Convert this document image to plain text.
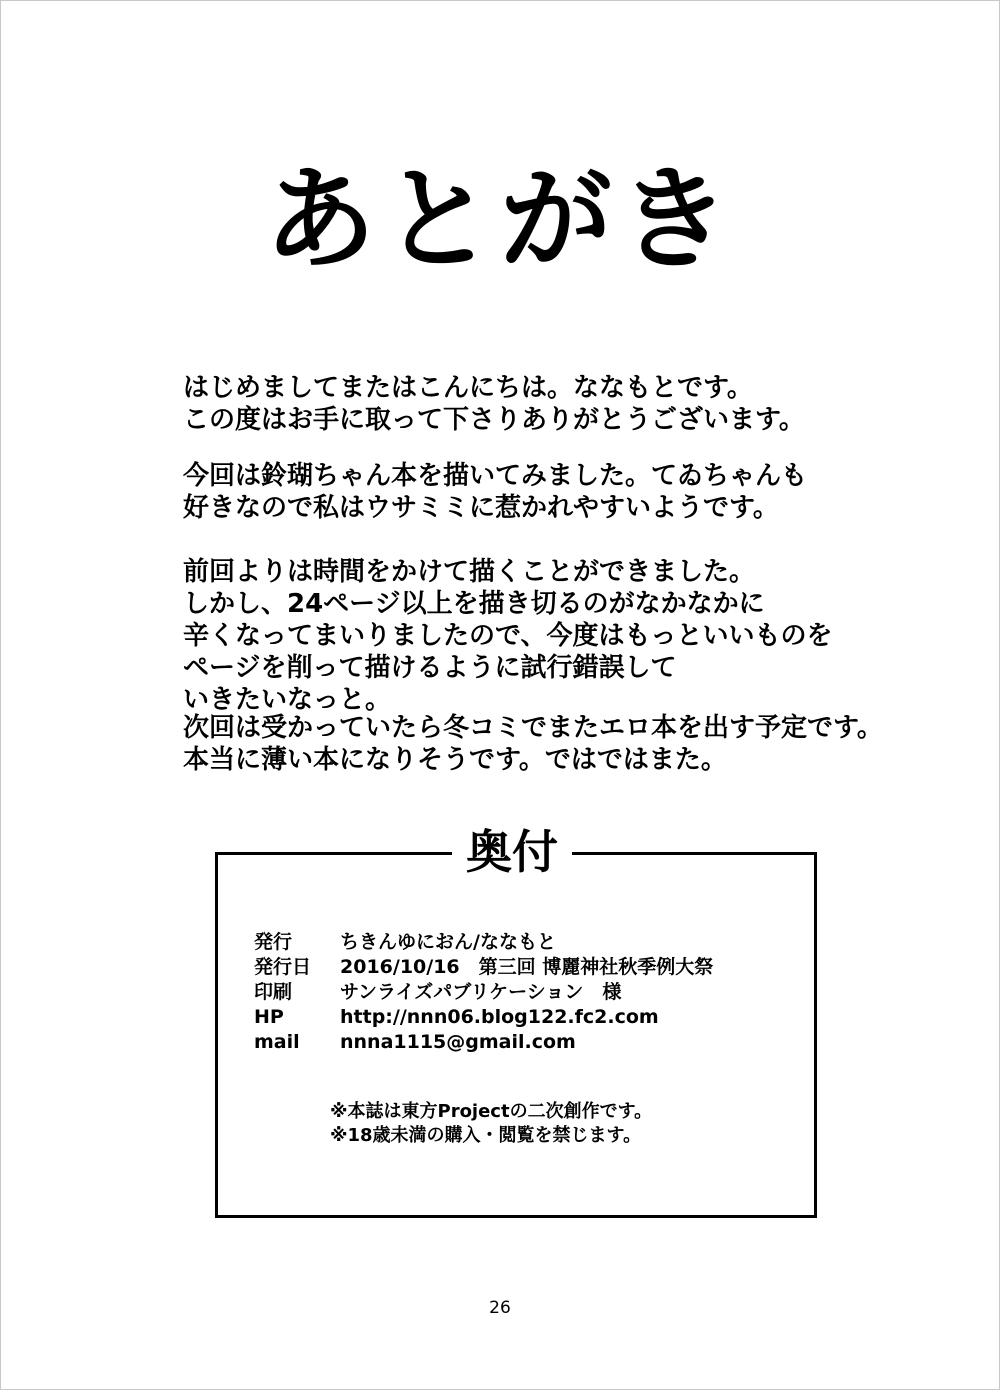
あとがき
はじめましてまたはこんにちは。ななもとです。
この度はお手に取って下さりありがとうございます。
今回は鈴瑚ちゃん本を描いてみました。てゐちゃんも
好きなので私はウサミミに惹かれやすいようです。
前回よりは時間をかけて描くことができました。
しかし、24ページ以上を描き切るのがなかなかに
辛くなってまいりましたので、今度はもっといいものを
ページを削って描けるように試行錯誤して
いきたいなっと。
次回は受かっていたら冬コミでまたエロ本を出す予定です。
本当に薄い本になりそうです。ではではまた。
奥付
発行	ちきんゆにおん/ななもと
発行日	2016/10/16　第三回 博麗神社秋季例大祭
印刷	サンライズパブリケーション　様
HP	http://nnn06.blog122.fc2.com
mail	nnna1115@gmail.com
※本誌は東方Projectの二次創作です。
※18歳未満の購入・閲覧を禁じます。
26
